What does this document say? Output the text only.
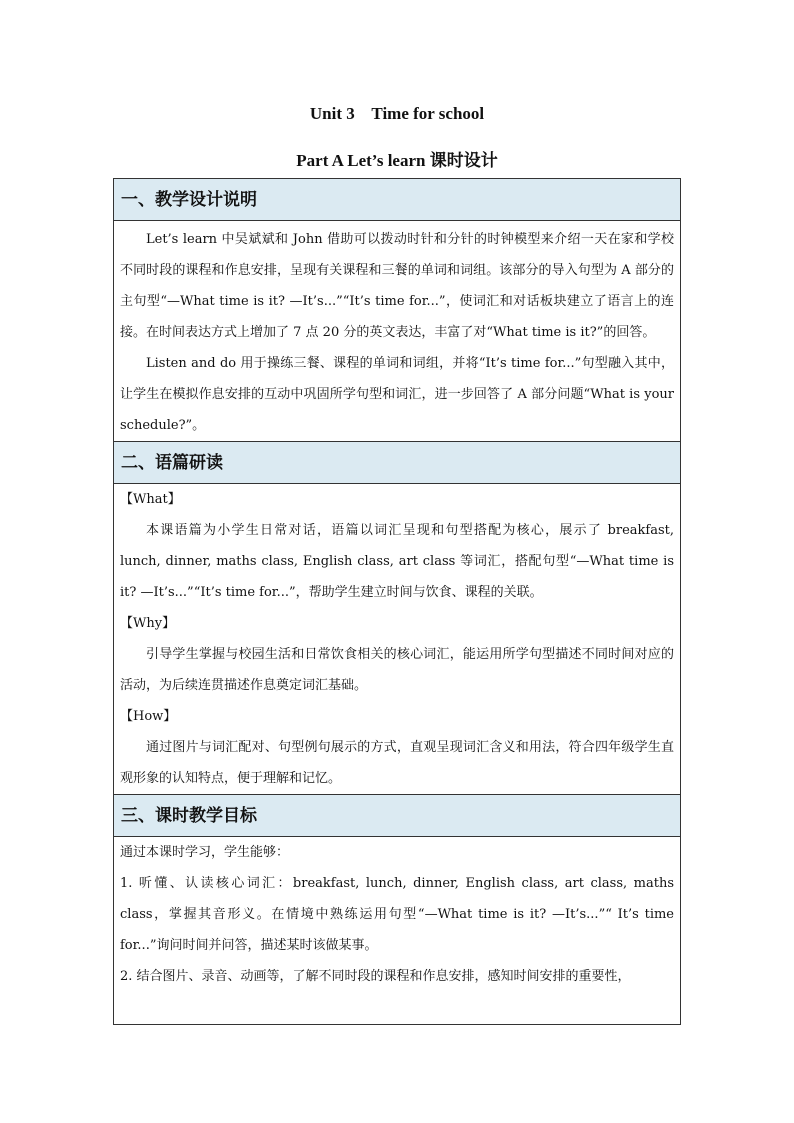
Unit 3    Time for school
Part A Let’s learn 课时设计
一、教学设计说明

Let’s learn 中吴斌斌和 John 借助可以拨动时针和分针的时钟模型来介绍一天在家和学校不同时段的课程和作息安排，呈现有关课程和三餐的单词和词组。该部分的导入句型为 A 部分的主句型“—What time is it? —It’s...”“It’s time for...”，使词汇和对话板块建立了语言上的连接。在时间表达方式上增加了 7 点 20 分的英文表达，丰富了对“What time is it?”的回答。

Listen and do 用于操练三餐、课程的单词和词组，并将“It’s time for...”句型融入其中，让学生在模拟作息安排的互动中巩固所学句型和词汇，进一步回答了 A 部分问题“What is your schedule?”。

二、语篇研读

【What】

本课语篇为小学生日常对话，语篇以词汇呈现和句型搭配为核心，展示了 breakfast, lunch, dinner, maths class, English class, art class 等词汇，搭配句型“—What time is it? —It’s...”“It’s time for...”，帮助学生建立时间与饮食、课程的关联。

【Why】

引导学生掌握与校园生活和日常饮食相关的核心词汇，能运用所学句型描述不同时间对应的活动，为后续连贯描述作息奠定词汇基础。

【How】

通过图片与词汇配对、句型例句展示的方式，直观呈现词汇含义和用法，符合四年级学生直观形象的认知特点，便于理解和记忆。

三、课时教学目标

通过本课时学习，学生能够：

1. 听懂、认读核心词汇：breakfast, lunch, dinner, English class, art class, maths class，掌握其音形义。在情境中熟练运用句型“—What time is it? —It’s...”“ It’s time for...”询问时间并问答，描述某时该做某事。

2. 结合图片、录音、动画等，了解不同时段的课程和作息安排，感知时间安排的重要性，
